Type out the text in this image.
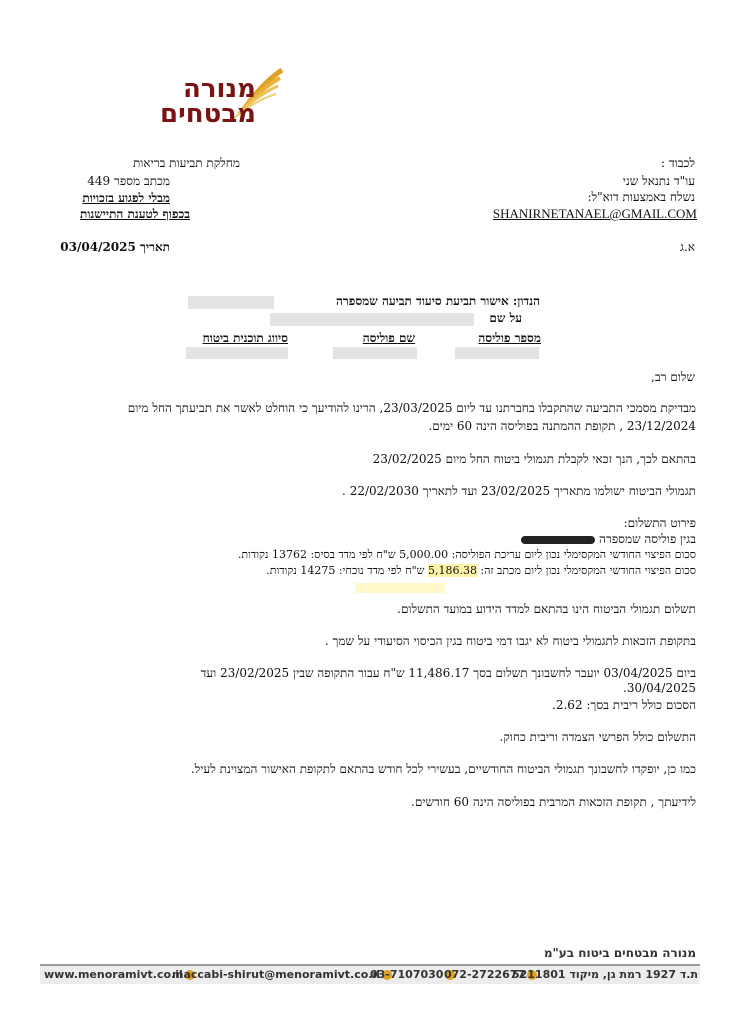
מנורה
מבטחים
מחלקת תביעות בריאות
מכתב מספר 449
מבלי לפגוע בזכויות
בכפוף לטענת התיישנות
תאריך 03/04/2025
לכבוד :
עו"ד נתנאל שני
נשלח באמצעות דוא"ל:
SHANIRNETANAEL@GMAIL.COM
א.ג
הנדון: אישור תביעת סיעוד תביעה שמספרה
על שם
מספר פוליסה
שם פוליסה
סיווג תוכנית ביטוח
שלום רב,
מבדיקת מסמכי התביעה שהתקבלו בחברתנו עד ליום 23/03/2025, הרינו להודיעך כי הוחלט לאשר את תביעתך החל מיום
23/12/2024 , תקופת ההמתנה בפוליסה הינה 60 ימים.
בהתאם לכך, הנך זכאי לקבלת תגמולי ביטוח החל מיום 23/02/2025
תגמולי הביטוח ישולמו מתאריך 23/02/2025 ועד לתאריך 22/02/2030 .
פירוט התשלום:
בגין פוליסה שמספרה
סכום הפיצוי החודשי המקסימלי נכון ליום עריכת הפוליסה: 5,000.00 ש"ח לפי מדד בסיס: 13762 נקודות.
סכום הפיצוי החודשי המקסימלי נכון ליום מכתב זה: 5,186.38 ש"ח לפי מדד נוכחי: 14275 נקודות.
תשלום תגמולי הביטוח הינו בהתאם למדד הידוע במועד התשלום.
בתקופת הזכאות לתגמולי ביטוח לא יגבו דמי ביטוח בגין הכיסוי הסיעודי על שמך .
ביום 03/04/2025 יועבר לחשבונך תשלום בסך 11,486.17 ש"ח עבור התקופה שבין 23/02/2025 ועד 30/04/2025.
הסכום כולל ריבית בסך: 2.62.
התשלום כולל הפרשי הצמדה וריבית כחוק.
כמו כן, יופקדו לחשבונך תגמולי הביטוח החודשיים, בעשירי לכל חודש בהתאם לתקופת האישור המצוינת לעיל.
לידיעתך , תקופת הזכאות המרבית בפוליסה הינה 60 חודשים.
מנורה מבטחים ביטוח בע"מ
www.menoramivt.co.il
maccabi-shirut@menoramivt.co.il
03-7107030 072-2722677
ת.ד 1927 רמת גן, מיקוד 5211801
